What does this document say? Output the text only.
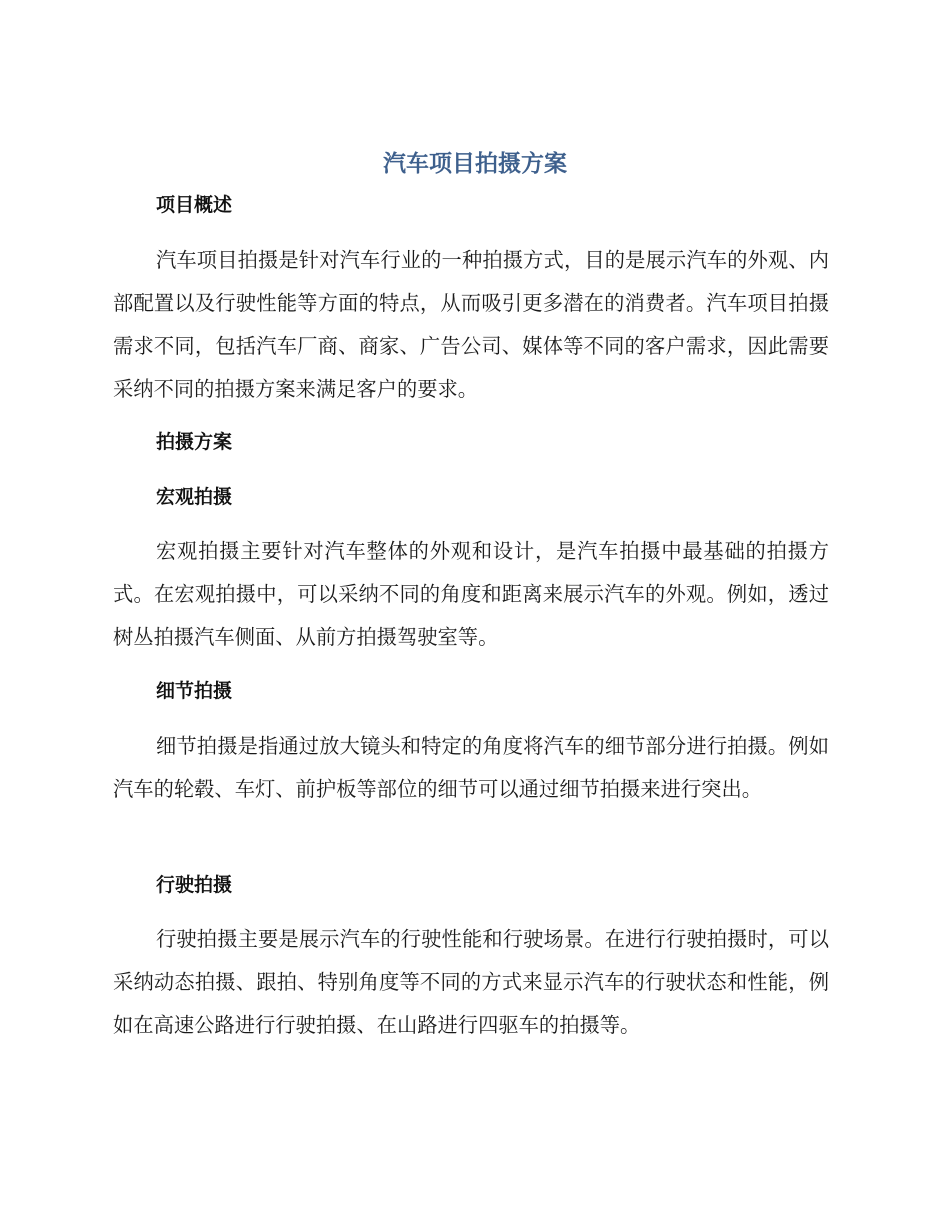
汽车项目拍摄方案
项目概述

汽车项目拍摄是针对汽车行业的一种拍摄方式，目的是展示汽车的外观、内部配置以及行驶性能等方面的特点，从而吸引更多潜在的消费者。汽车项目拍摄需求不同，包括汽车厂商、商家、广告公司、媒体等不同的客户需求，因此需要采纳不同的拍摄方案来满足客户的要求。

拍摄方案
宏观拍摄

宏观拍摄主要针对汽车整体的外观和设计，是汽车拍摄中最基础的拍摄方式。在宏观拍摄中，可以采纳不同的角度和距离来展示汽车的外观。例如，透过树丛拍摄汽车侧面、从前方拍摄驾驶室等。

细节拍摄

细节拍摄是指通过放大镜头和特定的角度将汽车的细节部分进行拍摄。例如汽车的轮毂、车灯、前护板等部位的细节可以通过细节拍摄来进行突出。

行驶拍摄

行驶拍摄主要是展示汽车的行驶性能和行驶场景。在进行行驶拍摄时，可以采纳动态拍摄、跟拍、特别角度等不同的方式来显示汽车的行驶状态和性能，例如在高速公路进行行驶拍摄、在山路进行四驱车的拍摄等。
